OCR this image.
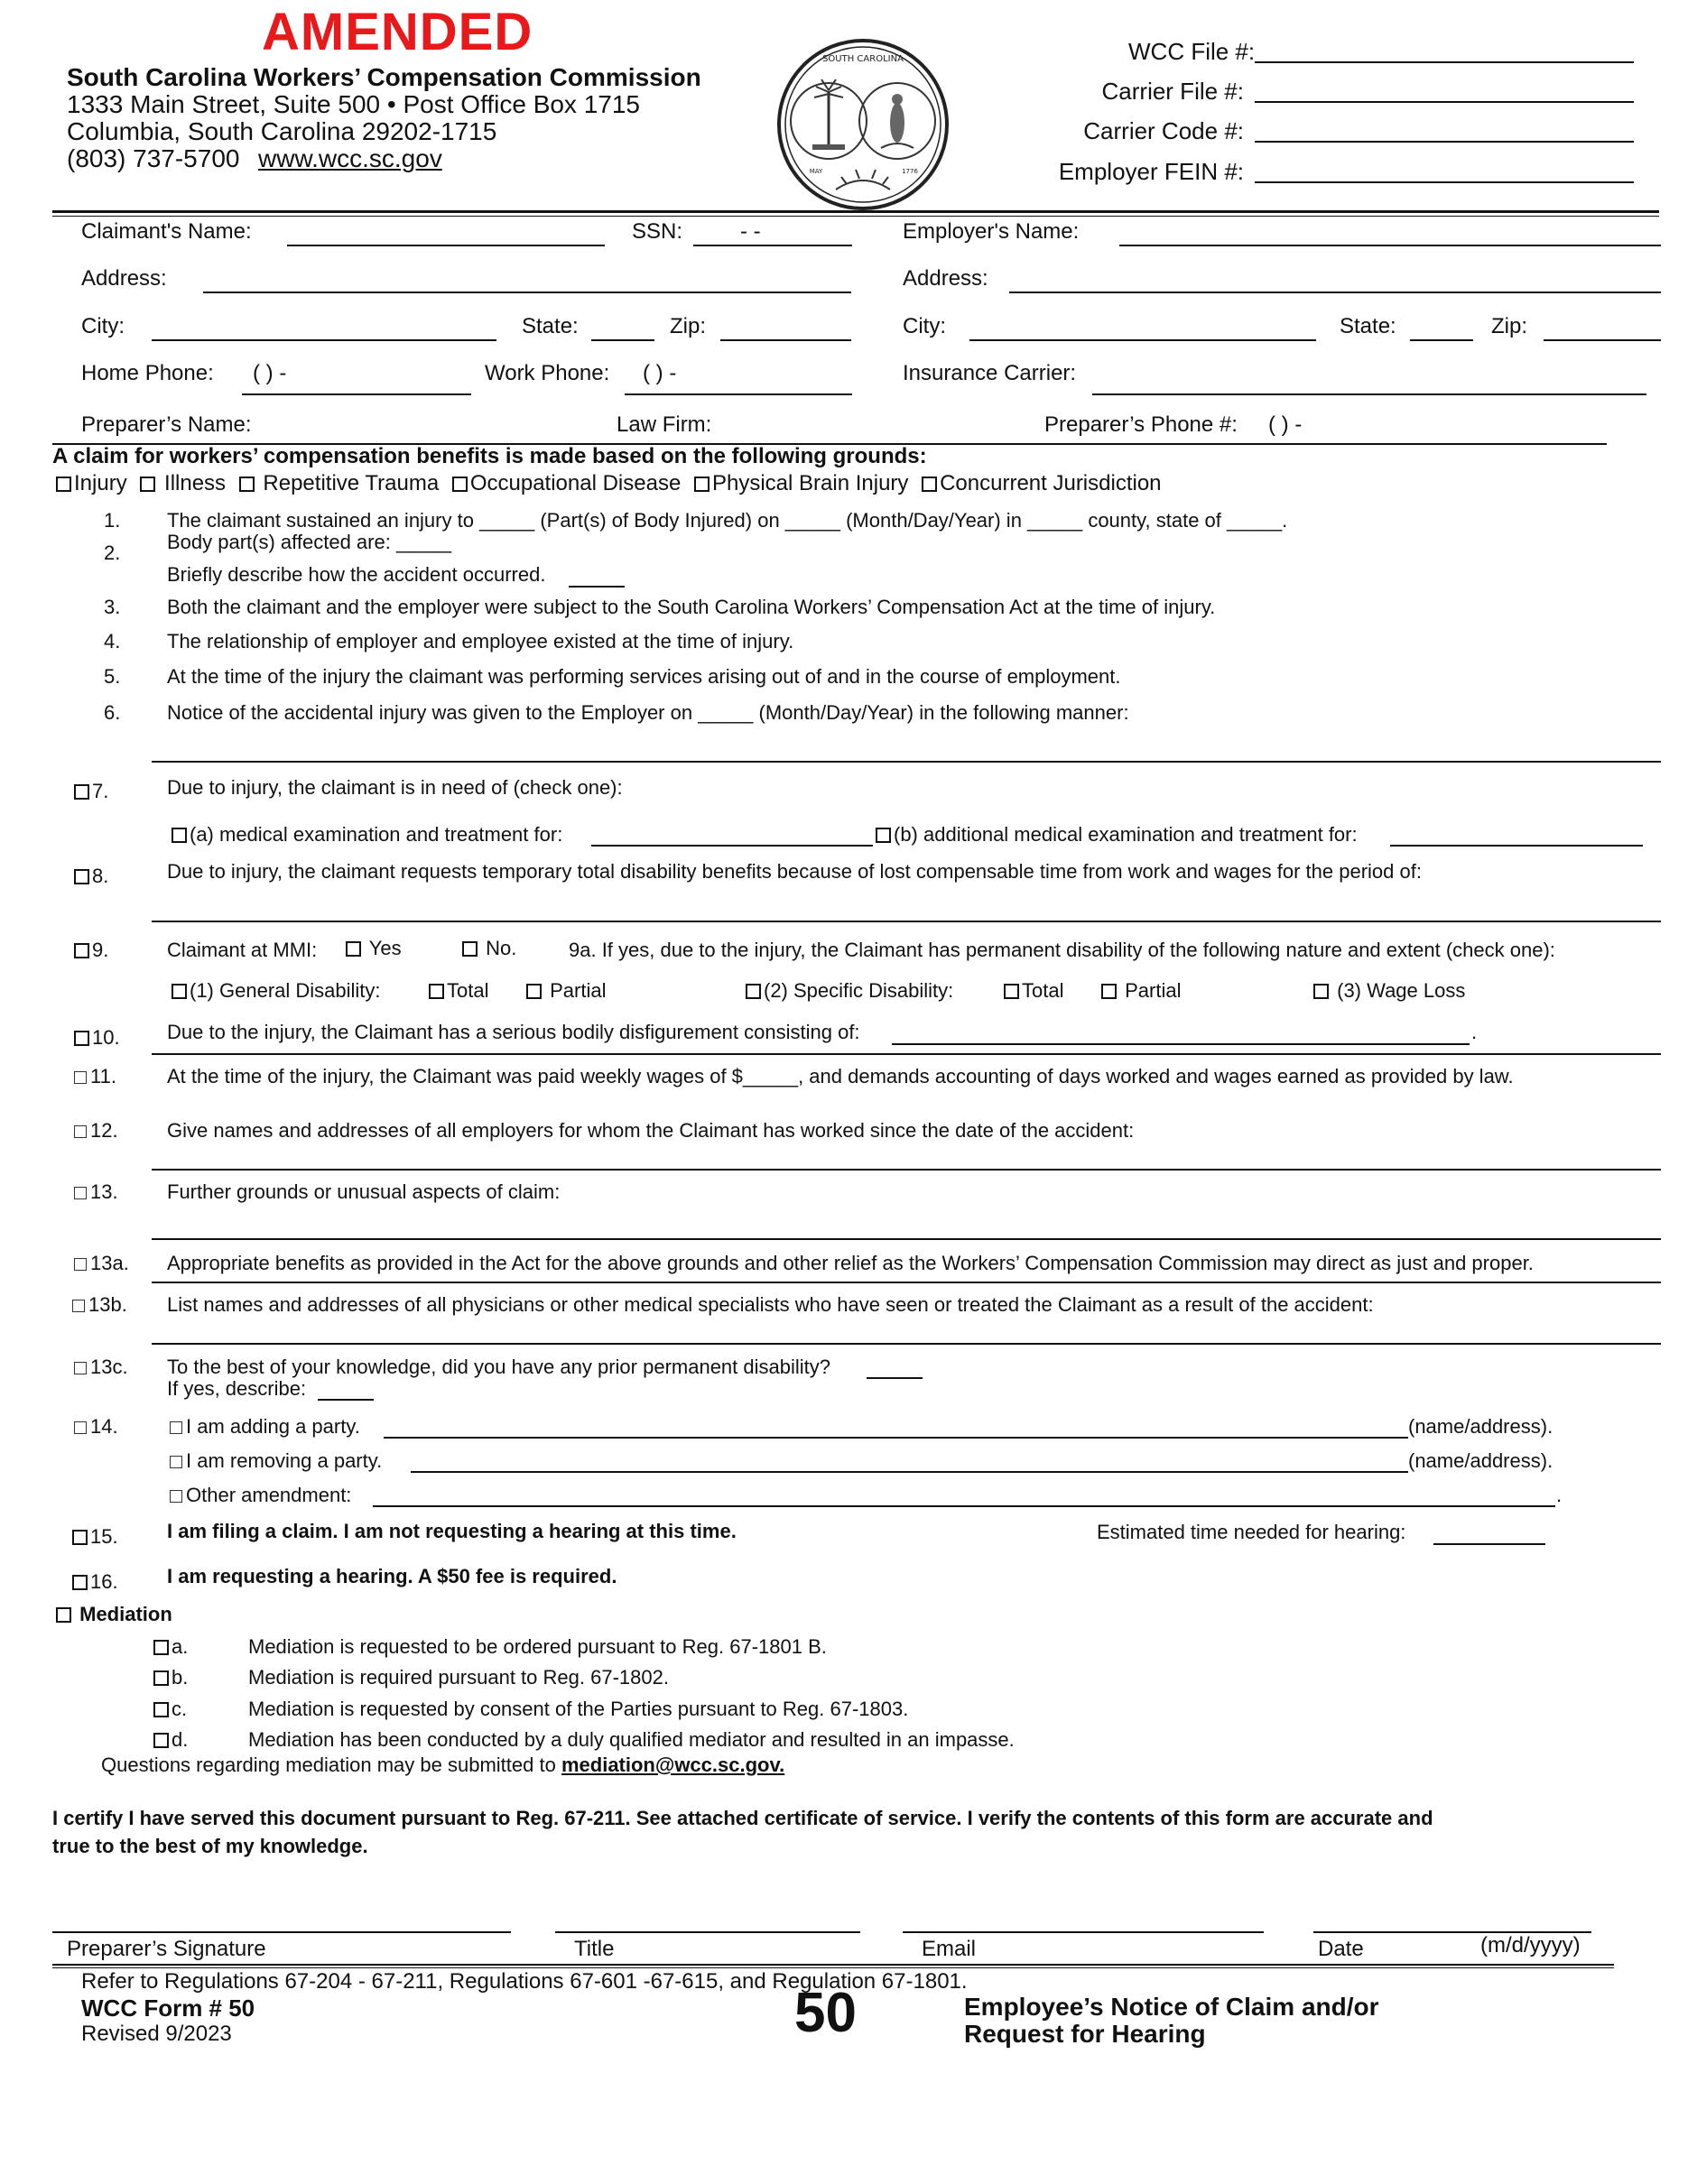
AMENDED
South Carolina Workers’ Compensation Commission
1333 Main Street, Suite 500 • Post Office Box 1715
Columbia, South Carolina 29202-1715
(803) 737-5700 www.wcc.sc.gov
SOUTH CAROLINA
1776
MAY
WCC File #:
Carrier File #:
Carrier Code #:
Employer FEIN #:
Claimant's Name:	SSN:	- -	Employer's Name:
Address:	Address:
City:	State:	Zip:	City:	State:	Zip:
Home Phone: ( ) -	Work Phone: ( ) -	Insurance Carrier:
Preparer’s Name:	Law Firm:	Preparer’s Phone #: ( ) -
A claim for workers’ compensation benefits is made based on the following grounds:
Injury Illness Repetitive Trauma Occupational Disease Physical Brain Injury Concurrent Jurisdiction
1. The claimant sustained an injury to _____ (Part(s) of Body Injured) on _____ (Month/Day/Year) in _____ county, state of _____.
2. Body part(s) affected are: _____
Briefly describe how the accident occurred.
3. Both the claimant and the employer were subject to the South Carolina Workers’ Compensation Act at the time of injury.
4. The relationship of employer and employee existed at the time of injury.
5. At the time of the injury the claimant was performing services arising out of and in the course of employment.
6. Notice of the accidental injury was given to the Employer on _____ (Month/Day/Year) in the following manner:
7.	Due to injury, the claimant is in need of (check one):
(a) medical examination and treatment for:	(b) additional medical examination and treatment for:
8.	Due to injury, the claimant requests temporary total disability benefits because of lost compensable time from work and wages for the period of:
9.	Claimant at MMI:	Yes	No.	9a. If yes, due to the injury, the Claimant has permanent disability of the following nature and extent (check one):
(1) General Disability:	Total	Partial	(2) Specific Disability:	Total	Partial	(3) Wage Loss
10. Due to the injury, the Claimant has a serious bodily disfigurement consisting of:	.
11.	At the time of the injury, the Claimant was paid weekly wages of $_____, and demands accounting of days worked and wages earned as provided by law.
12. Give names and addresses of all employers for whom the Claimant has worked since the date of the accident:
13. Further grounds or unusual aspects of claim:
13a. Appropriate benefits as provided in the Act for the above grounds and other relief as the Workers’ Compensation Commission may direct as just and proper.
13b. List names and addresses of all physicians or other medical specialists who have seen or treated the Claimant as a result of the accident:
13c. To the best of your knowledge, did you have any prior permanent disability?
If yes, describe:
14.	I am adding a party.	(name/address).
I am removing a party.	(name/address).
Other amendment:	.
15. I am filing a claim. I am not requesting a hearing at this time.	Estimated time needed for hearing:
16. I am requesting a hearing. A $50 fee is required.
Mediation
a.	Mediation is requested to be ordered pursuant to Reg. 67-1801 B.
b.	Mediation is required pursuant to Reg. 67-1802.
c.	Mediation is requested by consent of the Parties pursuant to Reg. 67-1803.
d.	Mediation has been conducted by a duly qualified mediator and resulted in an impasse.
Questions regarding mediation may be submitted to mediation@wcc.sc.gov.
I certify I have served this document pursuant to Reg. 67-211. See attached certificate of service. I verify the contents of this form are accurate and
true to the best of my knowledge.
Preparer’s Signature	Title	Email	Date	(m/d/yyyy)
Refer to Regulations 67-204 - 67-211, Regulations 67-601 -67-615, and Regulation 67-1801.
WCC Form # 50
Revised 9/2023	50	Employee’s Notice of Claim and/or
Request for Hearing
